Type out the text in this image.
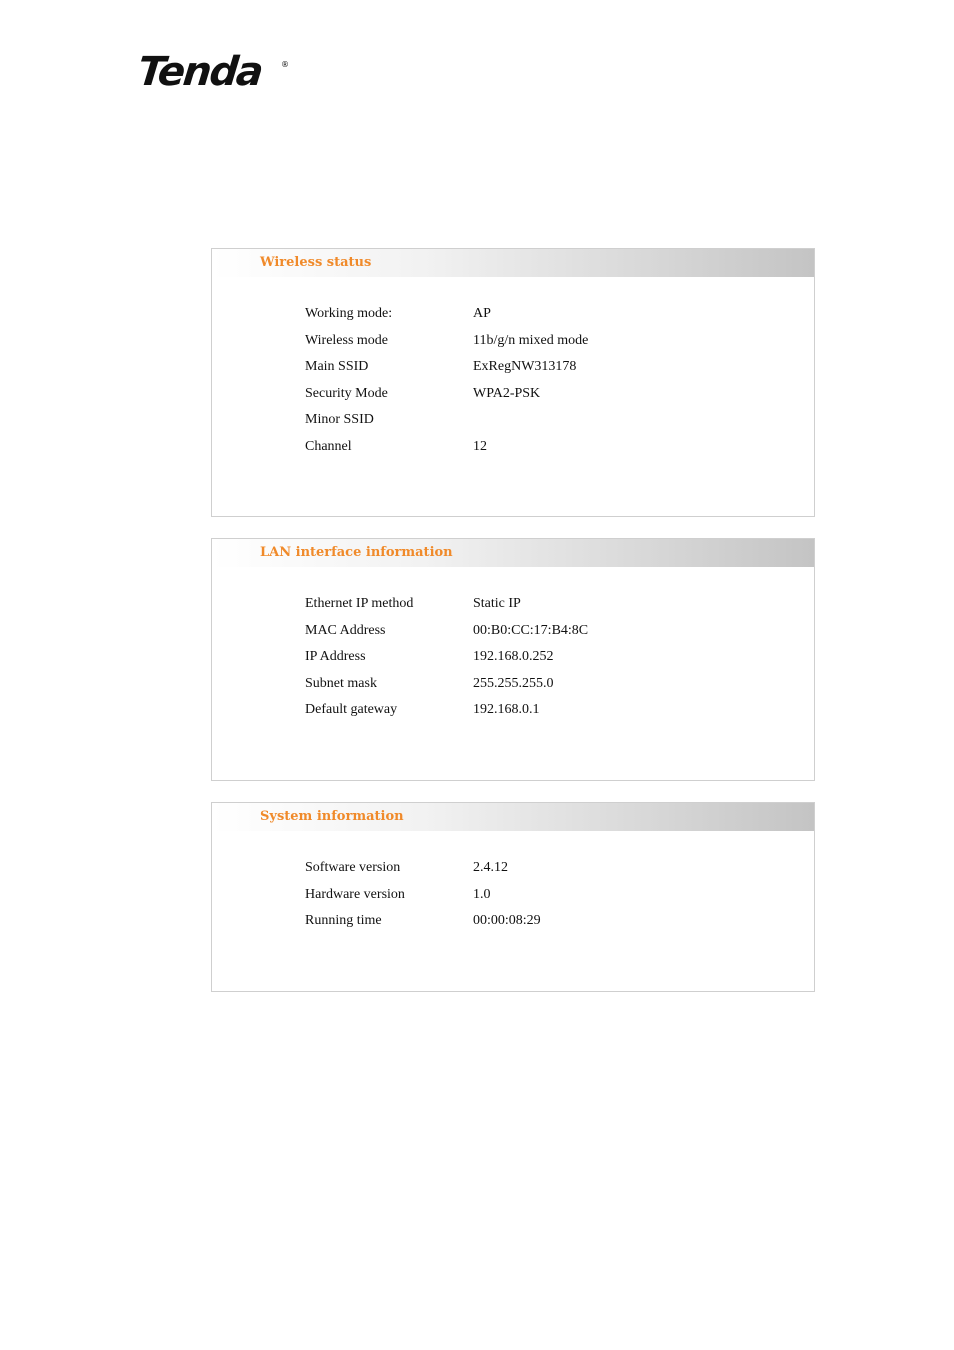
Tenda ®
Wireless status
Working mode:	AP
Wireless mode	11b/g/n mixed mode
Main SSID	ExRegNW313178
Security Mode	WPA2-PSK
Minor SSID
Channel	12
LAN interface information
Ethernet IP method	Static IP
MAC Address	00:B0:CC:17:B4:8C
IP Address	192.168.0.252
Subnet mask	255.255.255.0
Default gateway	192.168.0.1
System information
Software version	2.4.12
Hardware version	1.0
Running time	00:00:08:29
